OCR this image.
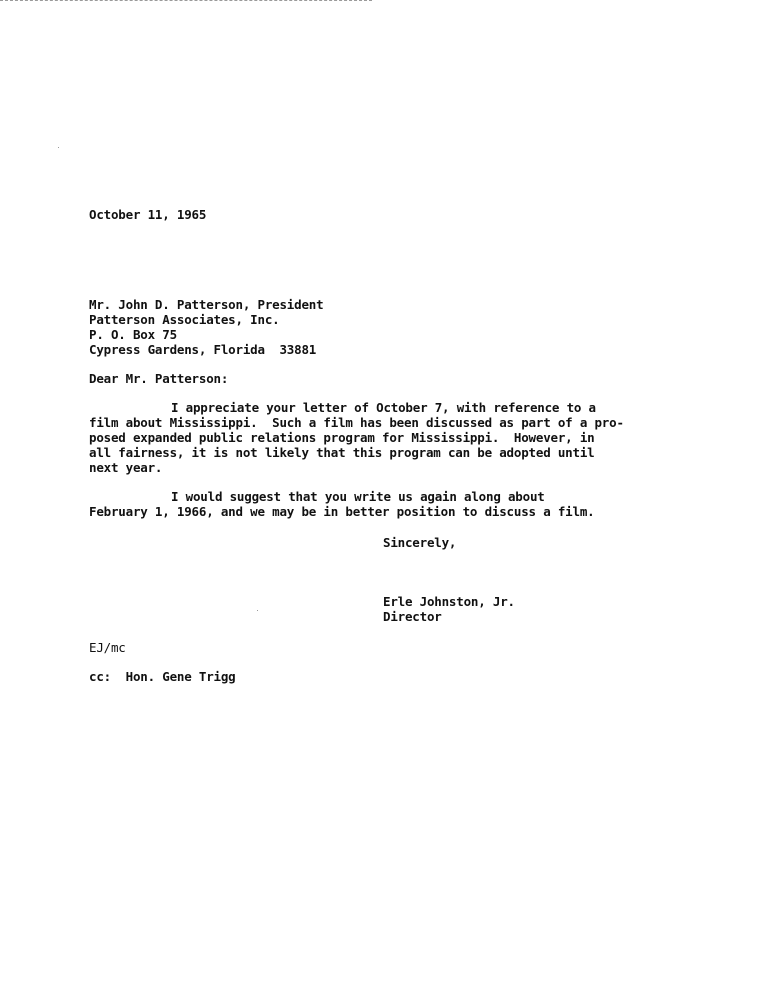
October 11, 1965
Mr. John D. Patterson, President
Patterson Associates, Inc.
P. O. Box 75
Cypress Gardens, Florida  33881
Dear Mr. Patterson:
I appreciate your letter of October 7, with reference to a
film about Mississippi.  Such a film has been discussed as part of a pro-
posed expanded public relations program for Mississippi.  However, in
all fairness, it is not likely that this program can be adopted until
next year.
I would suggest that you write us again along about
February 1, 1966, and we may be in better position to discuss a film.
Sincerely,
Erle Johnston, Jr.
Director
EJ/mc
cc:  Hon. Gene Trigg
